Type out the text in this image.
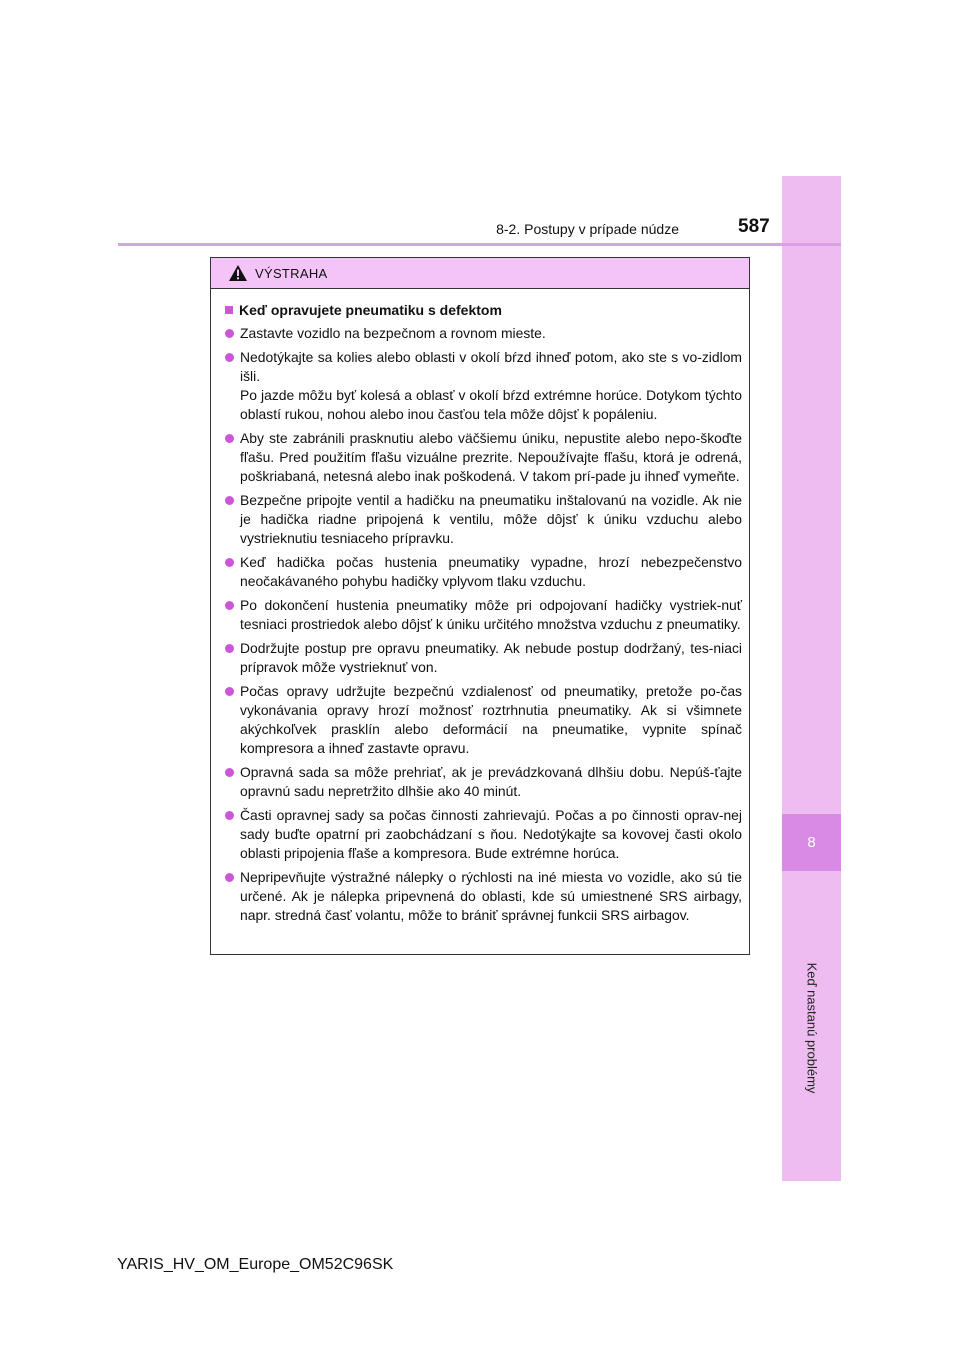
8
Keď nastanú problémy
8-2. Postupy v prípade núdze	587
VÝSTRAHA
Keď opravujete pneumatiku s defektom
Zastavte vozidlo na bezpečnom a rovnom mieste.
Nedotýkajte sa kolies alebo oblasti v okolí bŕzd ihneď potom, ako ste s vo-zidlom išli.
Po jazde môžu byť kolesá a oblasť v okolí bŕzd extrémne horúce. Dotykom týchto oblastí rukou, nohou alebo inou časťou tela môže dôjsť k popáleniu.
Aby ste zabránili prasknutiu alebo väčšiemu úniku, nepustite alebo nepo-škoďte fľašu. Pred použitím fľašu vizuálne prezrite. Nepoužívajte fľašu, ktorá je odrená, poškriabaná, netesná alebo inak poškodená. V takom prí-pade ju ihneď vymeňte.
Bezpečne pripojte ventil a hadičku na pneumatiku inštalovanú na vozidle. Ak nie je hadička riadne pripojená k ventilu, môže dôjsť k úniku vzduchu alebo vystrieknutiu tesniaceho prípravku.
Keď hadička počas hustenia pneumatiky vypadne, hrozí nebezpečenstvo neočakávaného pohybu hadičky vplyvom tlaku vzduchu.
Po dokončení hustenia pneumatiky môže pri odpojovaní hadičky vystriek-nuť tesniaci prostriedok alebo dôjsť k úniku určitého množstva vzduchu z pneumatiky.
Dodržujte postup pre opravu pneumatiky. Ak nebude postup dodržaný, tes-niaci prípravok môže vystrieknuť von.
Počas opravy udržujte bezpečnú vzdialenosť od pneumatiky, pretože po-čas vykonávania opravy hrozí možnosť roztrhnutia pneumatiky. Ak si všimnete akýchkoľvek prasklín alebo deformácií na pneumatike, vypnite spínač kompresora a ihneď zastavte opravu.
Opravná sada sa môže prehriať, ak je prevádzkovaná dlhšiu dobu. Nepúš-ťajte opravnú sadu nepretržito dlhšie ako 40 minút.
Časti opravnej sady sa počas činnosti zahrievajú. Počas a po činnosti oprav-nej sady buďte opatrní pri zaobchádzaní s ňou. Nedotýkajte sa kovovej časti okolo oblasti pripojenia fľaše a kompresora. Bude extrémne horúca.
Nepripevňujte výstražné nálepky o rýchlosti na iné miesta vo vozidle, ako sú tie určené. Ak je nálepka pripevnená do oblasti, kde sú umiestnené SRS airbagy, napr. stredná časť volantu, môže to brániť správnej funkcii SRS airbagov.
YARIS_HV_OM_Europe_OM52C96SK
